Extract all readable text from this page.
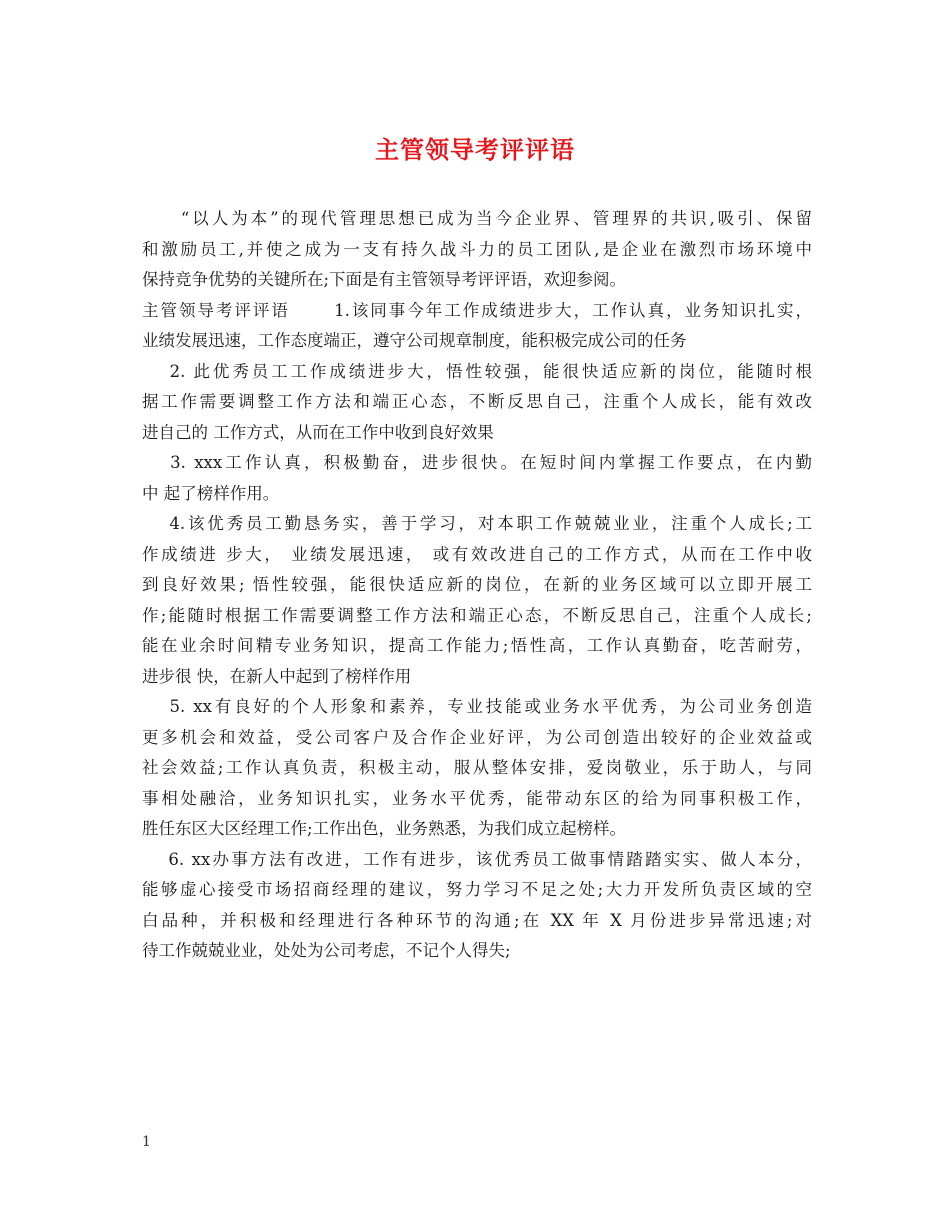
主管领导考评评语
　　“以人为本”的现代管理思想已成为当今企业界、管理界的共识,吸引、保留
和激励员工,并使之成为一支有持久战斗力的员工团队,是企业在激烈市场环境中
保持竞争优势的关键所在;下面是有主管领导考评评语，欢迎参阅。
主管领导考评评语　　 1.该同事今年工作成绩进步大，工作认真，业务知识扎实，
业绩发展迅速，工作态度端正，遵守公司规章制度，能积极完成公司的任务
　 2. 此优秀员工工作成绩进步大，悟性较强，能很快适应新的岗位，能随时根
据工作需要调整工作方法和端正心态，不断反思自己，注重个人成长，能有效改
进自己的 工作方式，从而在工作中收到良好效果
　 3. xxx工作认真，积极勤奋，进步很快。在短时间内掌握工作要点，在内勤
中 起了榜样作用。
　 4.该优秀员工勤恳务实，善于学习，对本职工作兢兢业业，注重个人成长;工
作成绩进 步大， 业绩发展迅速， 或有效改进自己的工作方式，从而在工作中收
到良好效果; 悟性较强，能很快适应新的岗位，在新的业务区域可以立即开展工
作;能随时根据工作需要调整工作方法和端正心态，不断反思自己，注重个人成长;
能在业余时间精专业务知识，提高工作能力;悟性高，工作认真勤奋，吃苦耐劳，
进步很 快，在新人中起到了榜样作用
　 5. xx有良好的个人形象和素养，专业技能或业务水平优秀，为公司业务创造
更多机会和效益，受公司客户及合作企业好评，为公司创造出较好的企业效益或
社会效益;工作认真负责，积极主动，服从整体安排，爱岗敬业，乐于助人，与同
事相处融洽，业务知识扎实，业务水平优秀，能带动东区的给为同事积极工作，
胜任东区大区经理工作;工作出色，业务熟悉，为我们成立起榜样。
　 6. xx办事方法有改进，工作有进步，该优秀员工做事情踏踏实实、做人本分，
能够虚心接受市场招商经理的建议，努力学习不足之处;大力开发所负责区域的空
白品种，并积极和经理进行各种环节的沟通;在 XX 年 X 月份进步异常迅速;对
待工作兢兢业业，处处为公司考虑，不记个人得失;
1
